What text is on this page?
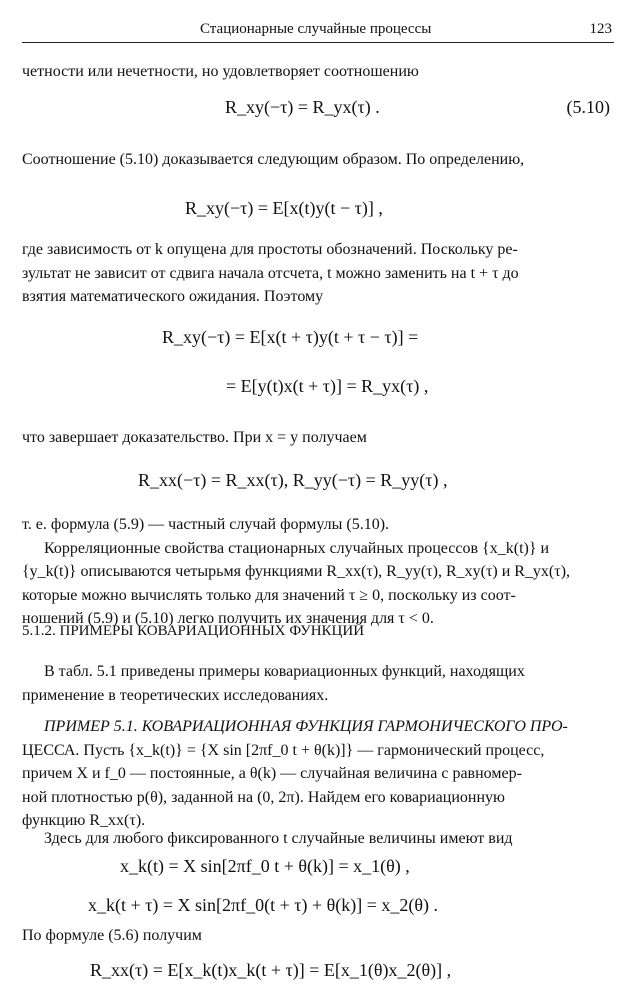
Стационарные случайные процессы	123
четности или нечетности, но удовлетворяет соотношению
R_xy(−τ) = R_yx(τ) .	(5.10)
Соотношение (5.10) доказывается следующим образом. По определению,
R_xy(−τ) = E[x(t)y(t − τ)] ,
где зависимость от k опущена для простоты обозначений. Поскольку ре-
зультат не зависит от сдвига начала отсчета, t можно заменить на t + τ до
взятия математического ожидания. Поэтому
R_xy(−τ) = E[x(t + τ)y(t + τ − τ)] =
= E[y(t)x(t + τ)] = R_yx(τ) ,
что завершает доказательство. При x = y получаем
R_xx(−τ) = R_xx(τ), R_yy(−τ) = R_yy(τ) ,
т. е. формула (5.9) — частный случай формулы (5.10).
Корреляционные свойства стационарных случайных процессов {x_k(t)} и
{y_k(t)} описываются четырьмя функциями R_xx(τ), R_yy(τ), R_xy(τ) и R_yx(τ),
которые можно вычислять только для значений τ ≥ 0, поскольку из соот-
ношений (5.9) и (5.10) легко получить их значения для τ < 0.
5.1.2. ПРИМЕРЫ КОВАРИАЦИОННЫХ ФУНКЦИЙ
В табл. 5.1 приведены примеры ковариационных функций, находящих
применение в теоретических исследованиях.
ПРИМЕР 5.1. КОВАРИАЦИОННАЯ ФУНКЦИЯ ГАРМОНИЧЕСКОГО ПРО-
ЦЕССА. Пусть {x_k(t)} = {X sin [2πf_0 t + θ(k)]} — гармонический процесс,
причем X и f_0 — постоянные, а θ(k) — случайная величина с равномер-
ной плотностью p(θ), заданной на (0, 2π). Найдем его ковариационную
функцию R_xx(τ).
Здесь для любого фиксированного t случайные величины имеют вид
x_k(t) = X sin[2πf_0 t + θ(k)] = x_1(θ) ,
x_k(t + τ) = X sin[2πf_0(t + τ) + θ(k)] = x_2(θ) .
По формуле (5.6) получим
R_xx(τ) = E[x_k(t)x_k(t + τ)] = E[x_1(θ)x_2(θ)] ,
